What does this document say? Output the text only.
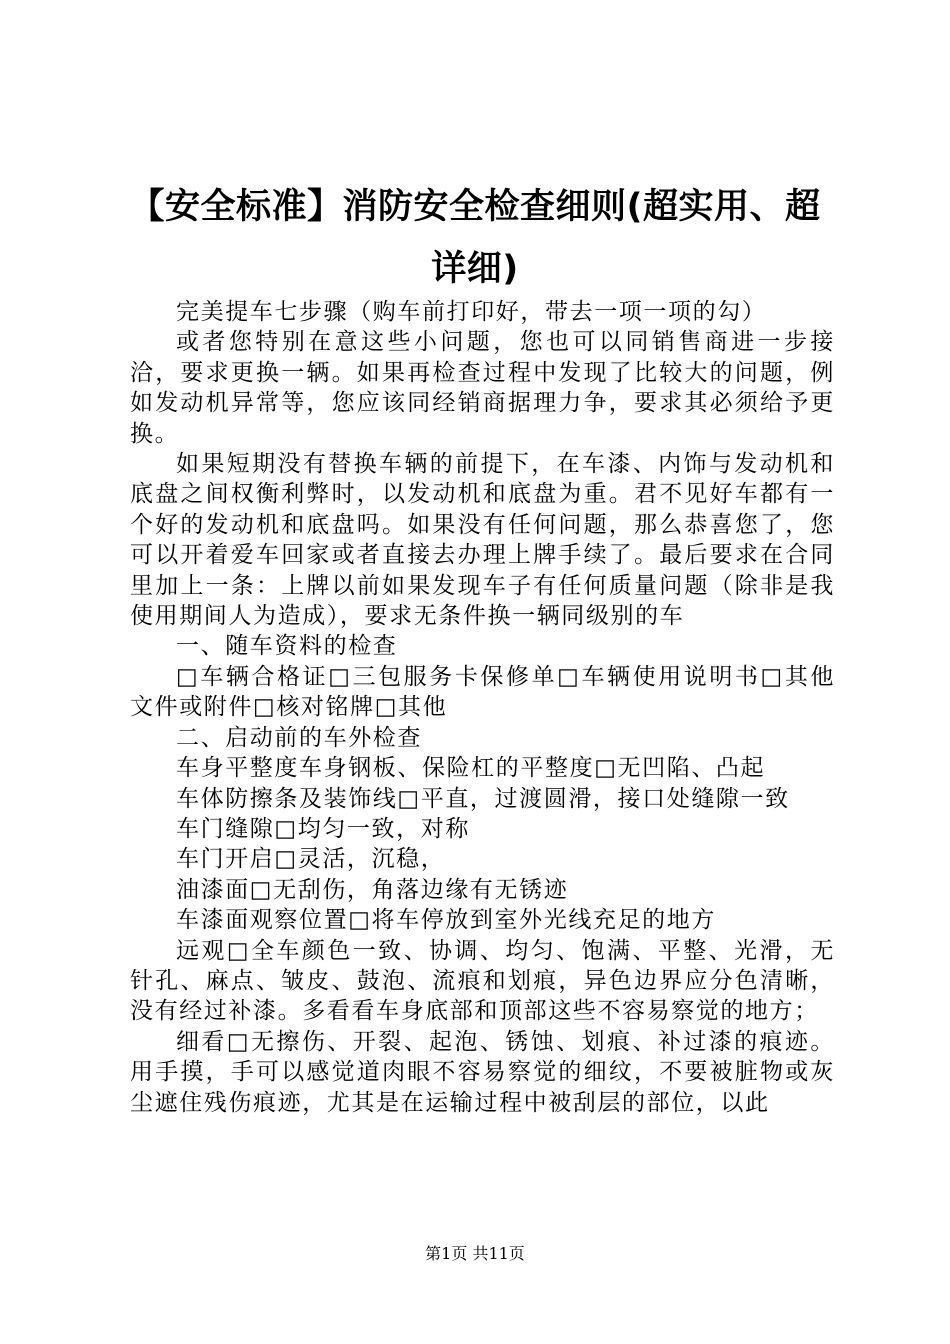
【安全标准】消防安全检查细则(超实用、超详细)

完美提车七步骤（购车前打印好，带去一项一项的勾）

或者您特别在意这些小问题，您也可以同销售商进一步接洽，要求更换一辆。如果再检查过程中发现了比较大的问题，例如发动机异常等，您应该同经销商据理力争，要求其必须给予更换。

如果短期没有替换车辆的前提下，在车漆、内饰与发动机和底盘之间权衡利弊时，以发动机和底盘为重。君不见好车都有一个好的发动机和底盘吗。如果没有任何问题，那么恭喜您了，您可以开着爱车回家或者直接去办理上牌手续了。最后要求在合同里加上一条：上牌以前如果发现车子有任何质量问题（除非是我使用期间人为造成），要求无条件换一辆同级别的车

一、随车资料的检查

□车辆合格证□三包服务卡保修单□车辆使用说明书□其他文件或附件□核对铭牌□其他

二、启动前的车外检查

车身平整度车身钢板、保险杠的平整度□无凹陷、凸起

车体防擦条及装饰线□平直，过渡圆滑，接口处缝隙一致

车门缝隙□均匀一致，对称

车门开启□灵活，沉稳，

油漆面□无刮伤，角落边缘有无锈迹

车漆面观察位置□将车停放到室外光线充足的地方

远观□全车颜色一致、协调、均匀、饱满、平整、光滑，无针孔、麻点、皱皮、鼓泡、流痕和划痕，异色边界应分色清晰，没有经过补漆。多看看车身底部和顶部这些不容易察觉的地方；

细看□无擦伤、开裂、起泡、锈蚀、划痕、补过漆的痕迹。用手摸，手可以感觉道肉眼不容易察觉的细纹，不要被脏物或灰尘遮住残伤痕迹，尤其是在运输过程中被刮层的部位，以此

第1页 共11页
